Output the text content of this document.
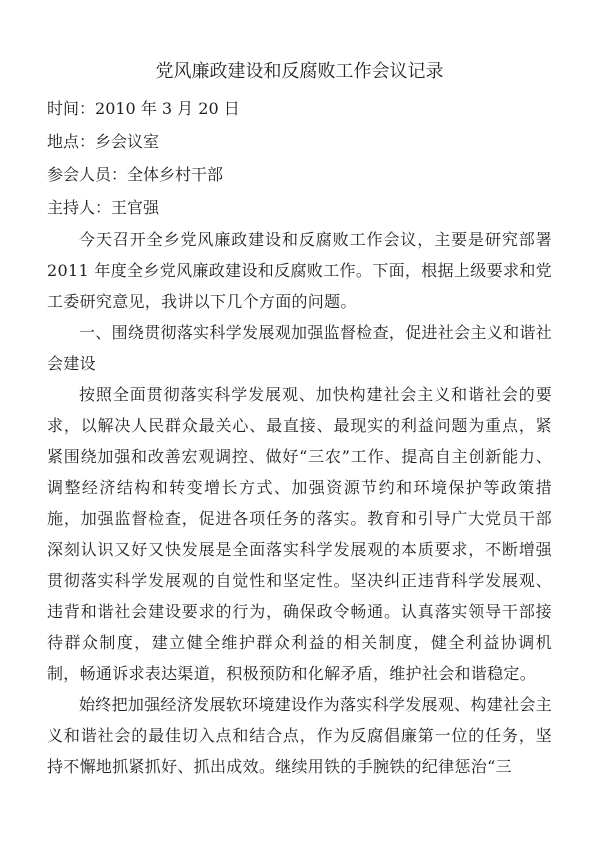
党风廉政建设和反腐败工作会议记录

时间：2010 年 3 月 20 日

地点：乡会议室

参会人员：全体乡村干部

主持人：王官强

今天召开全乡党风廉政建设和反腐败工作会议，主要是研究部署 2011 年度全乡党风廉政建设和反腐败工作。下面，根据上级要求和党工委研究意见，我讲以下几个方面的问题。

一、围绕贯彻落实科学发展观加强监督检查，促进社会主义和谐社会建设

按照全面贯彻落实科学发展观、加快构建社会主义和谐社会的要求，以解决人民群众最关心、最直接、最现实的利益问题为重点，紧紧围绕加强和改善宏观调控、做好“三农”工作、提高自主创新能力、调整经济结构和转变增长方式、加强资源节约和环境保护等政策措施，加强监督检查，促进各项任务的落实。教育和引导广大党员干部深刻认识又好又快发展是全面落实科学发展观的本质要求，不断增强贯彻落实科学发展观的自觉性和坚定性。坚决纠正违背科学发展观、违背和谐社会建设要求的行为，确保政令畅通。认真落实领导干部接待群众制度，建立健全维护群众利益的相关制度，健全利益协调机制，畅通诉求表达渠道，积极预防和化解矛盾，维护社会和谐稳定。

始终把加强经济发展软环境建设作为落实科学发展观、构建社会主义和谐社会的最佳切入点和结合点，作为反腐倡廉第一位的任务，坚持不懈地抓紧抓好、抓出成效。继续用铁的手腕铁的纪律惩治“三
